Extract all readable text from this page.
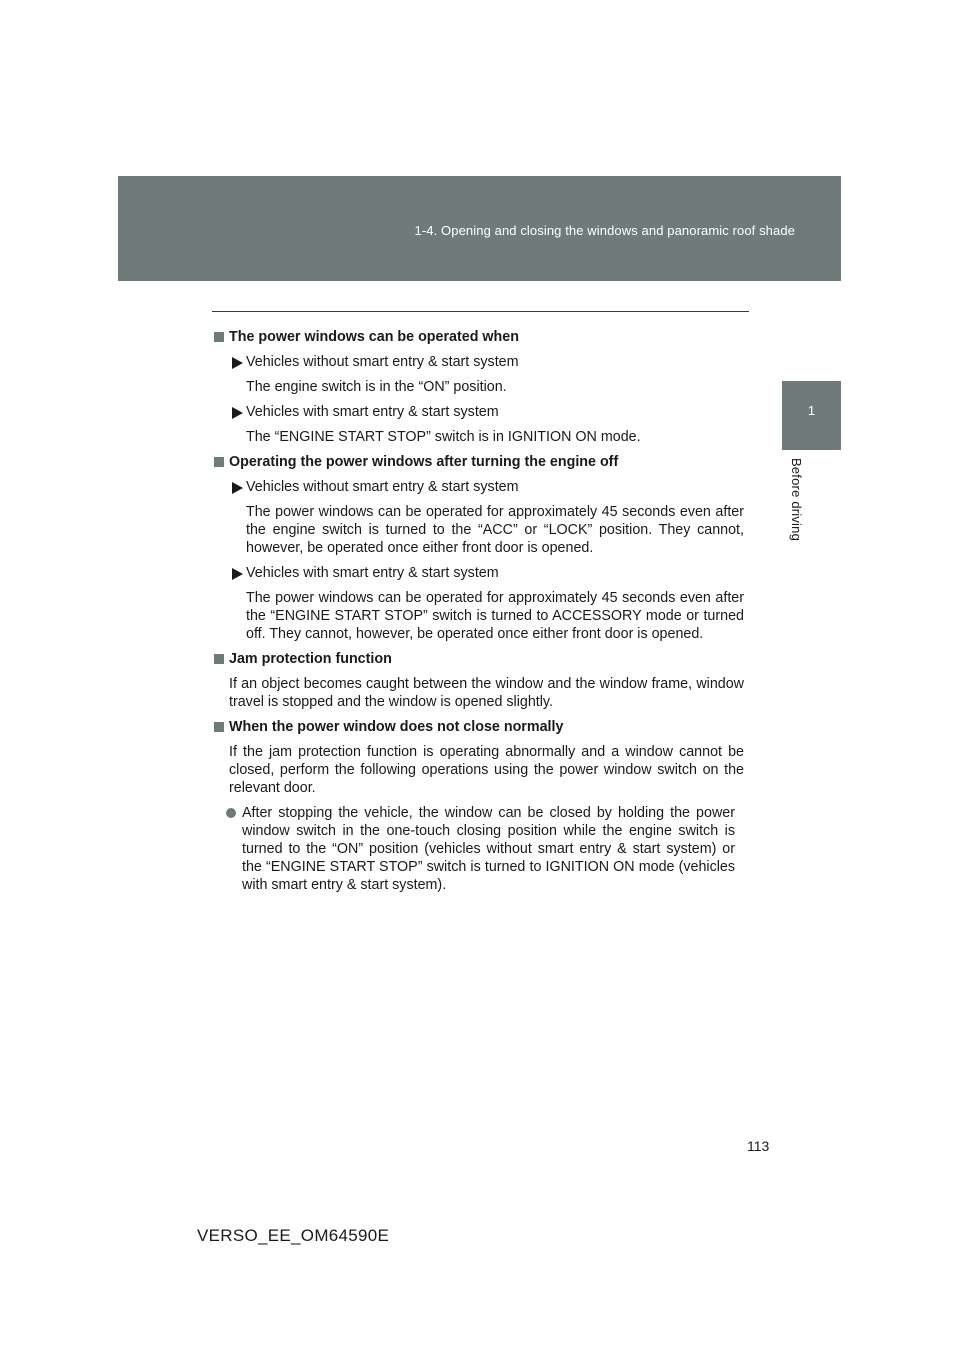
1-4. Opening and closing the windows and panoramic roof shade
1
Before driving
The power windows can be operated when
Vehicles without smart entry & start system
The engine switch is in the “ON” position.
Vehicles with smart entry & start system
The “ENGINE START STOP” switch is in IGNITION ON mode.
Operating the power windows after turning the engine off
Vehicles without smart entry & start system
The power windows can be operated for approximately 45 seconds even after the engine switch is turned to the “ACC” or “LOCK” position. They cannot, however, be operated once either front door is opened.
Vehicles with smart entry & start system
The power windows can be operated for approximately 45 seconds even after the “ENGINE START STOP” switch is turned to ACCESSORY mode or turned off. They cannot, however, be operated once either front door is opened.
Jam protection function
If an object becomes caught between the window and the window frame, window travel is stopped and the window is opened slightly.
When the power window does not close normally
If the jam protection function is operating abnormally and a window cannot be closed, perform the following operations using the power window switch on the relevant door.
After stopping the vehicle, the window can be closed by holding the power window switch in the one-touch closing position while the engine switch is turned to the “ON” position (vehicles without smart entry & start system) or the “ENGINE START STOP” switch is turned to IGNITION ON mode (vehicles with smart entry & start system).
113
VERSO_EE_OM64590E
